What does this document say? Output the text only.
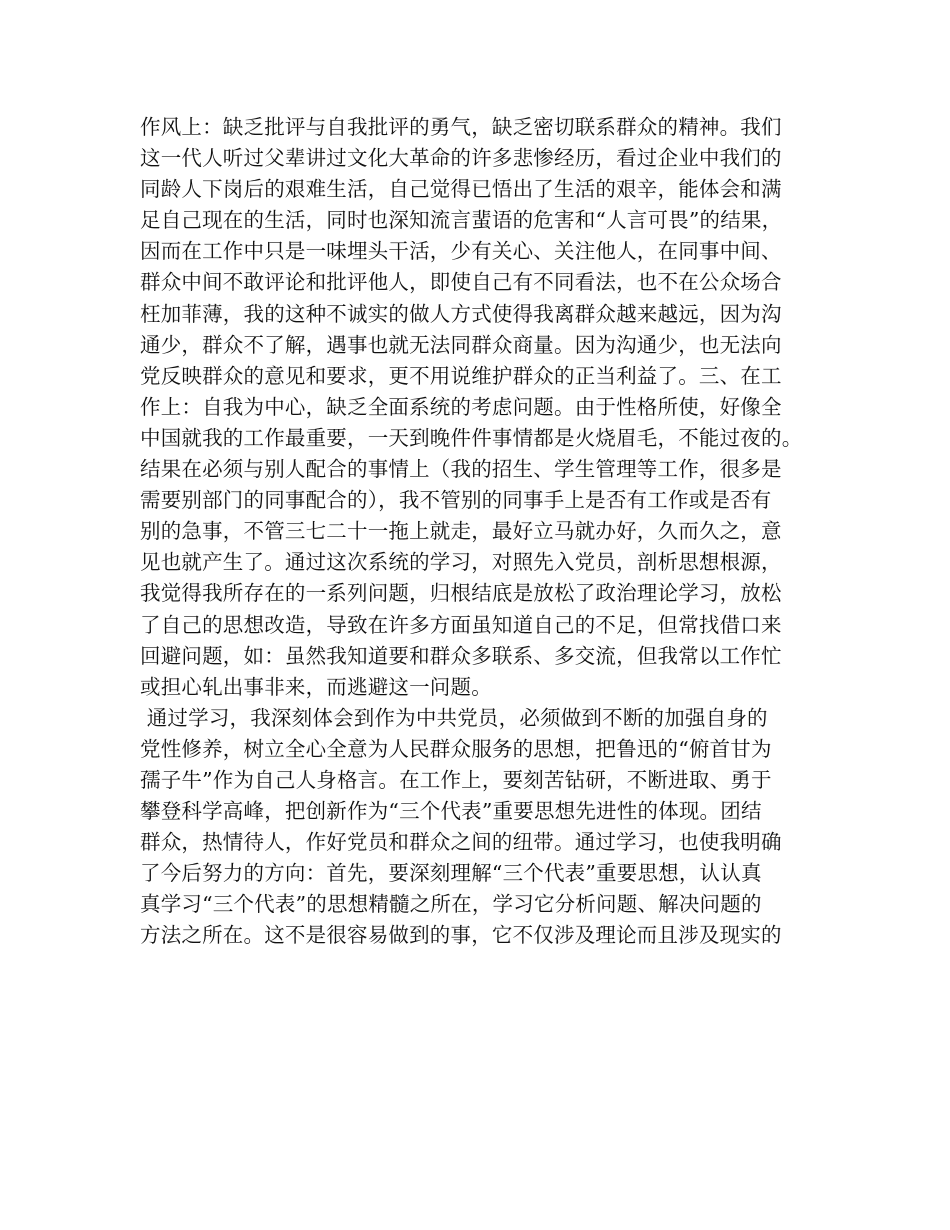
作风上：缺乏批评与自我批评的勇气，缺乏密切联系群众的精神。我们
这一代人听过父辈讲过文化大革命的许多悲惨经历，看过企业中我们的
同龄人下岗后的艰难生活，自己觉得已悟出了生活的艰辛，能体会和满
足自己现在的生活，同时也深知流言蜚语的危害和“人言可畏”的结果，
因而在工作中只是一味埋头干活，少有关心、关注他人，在同事中间、
群众中间不敢评论和批评他人，即使自己有不同看法，也不在公众场合
枉加菲薄，我的这种不诚实的做人方式使得我离群众越来越远，因为沟
通少，群众不了解，遇事也就无法同群众商量。因为沟通少，也无法向
党反映群众的意见和要求，更不用说维护群众的正当利益了。三、在工
作上：自我为中心，缺乏全面系统的考虑问题。由于性格所使，好像全
中国就我的工作最重要，一天到晚件件事情都是火烧眉毛，不能过夜的。
结果在必须与别人配合的事情上（我的招生、学生管理等工作，很多是
需要别部门的同事配合的），我不管别的同事手上是否有工作或是否有
别的急事，不管三七二十一拖上就走，最好立马就办好，久而久之，意
见也就产生了。通过这次系统的学习，对照先入党员，剖析思想根源，
我觉得我所存在的一系列问题，归根结底是放松了政治理论学习，放松
了自己的思想改造，导致在许多方面虽知道自己的不足，但常找借口来
回避问题，如：虽然我知道要和群众多联系、多交流，但我常以工作忙
或担心轧出事非来，而逃避这一问题。
通过学习，我深刻体会到作为中共党员，必须做到不断的加强自身的
党性修养，树立全心全意为人民群众服务的思想，把鲁迅的“俯首甘为
孺子牛”作为自己人身格言。在工作上，要刻苦钻研，不断进取、勇于
攀登科学高峰，把创新作为“三个代表”重要思想先进性的体现。团结
群众，热情待人，作好党员和群众之间的纽带。通过学习，也使我明确
了今后努力的方向：首先，要深刻理解“三个代表”重要思想，认认真
真学习“三个代表”的思想精髓之所在，学习它分析问题、解决问题的
方法之所在。这不是很容易做到的事，它不仅涉及理论而且涉及现实的
